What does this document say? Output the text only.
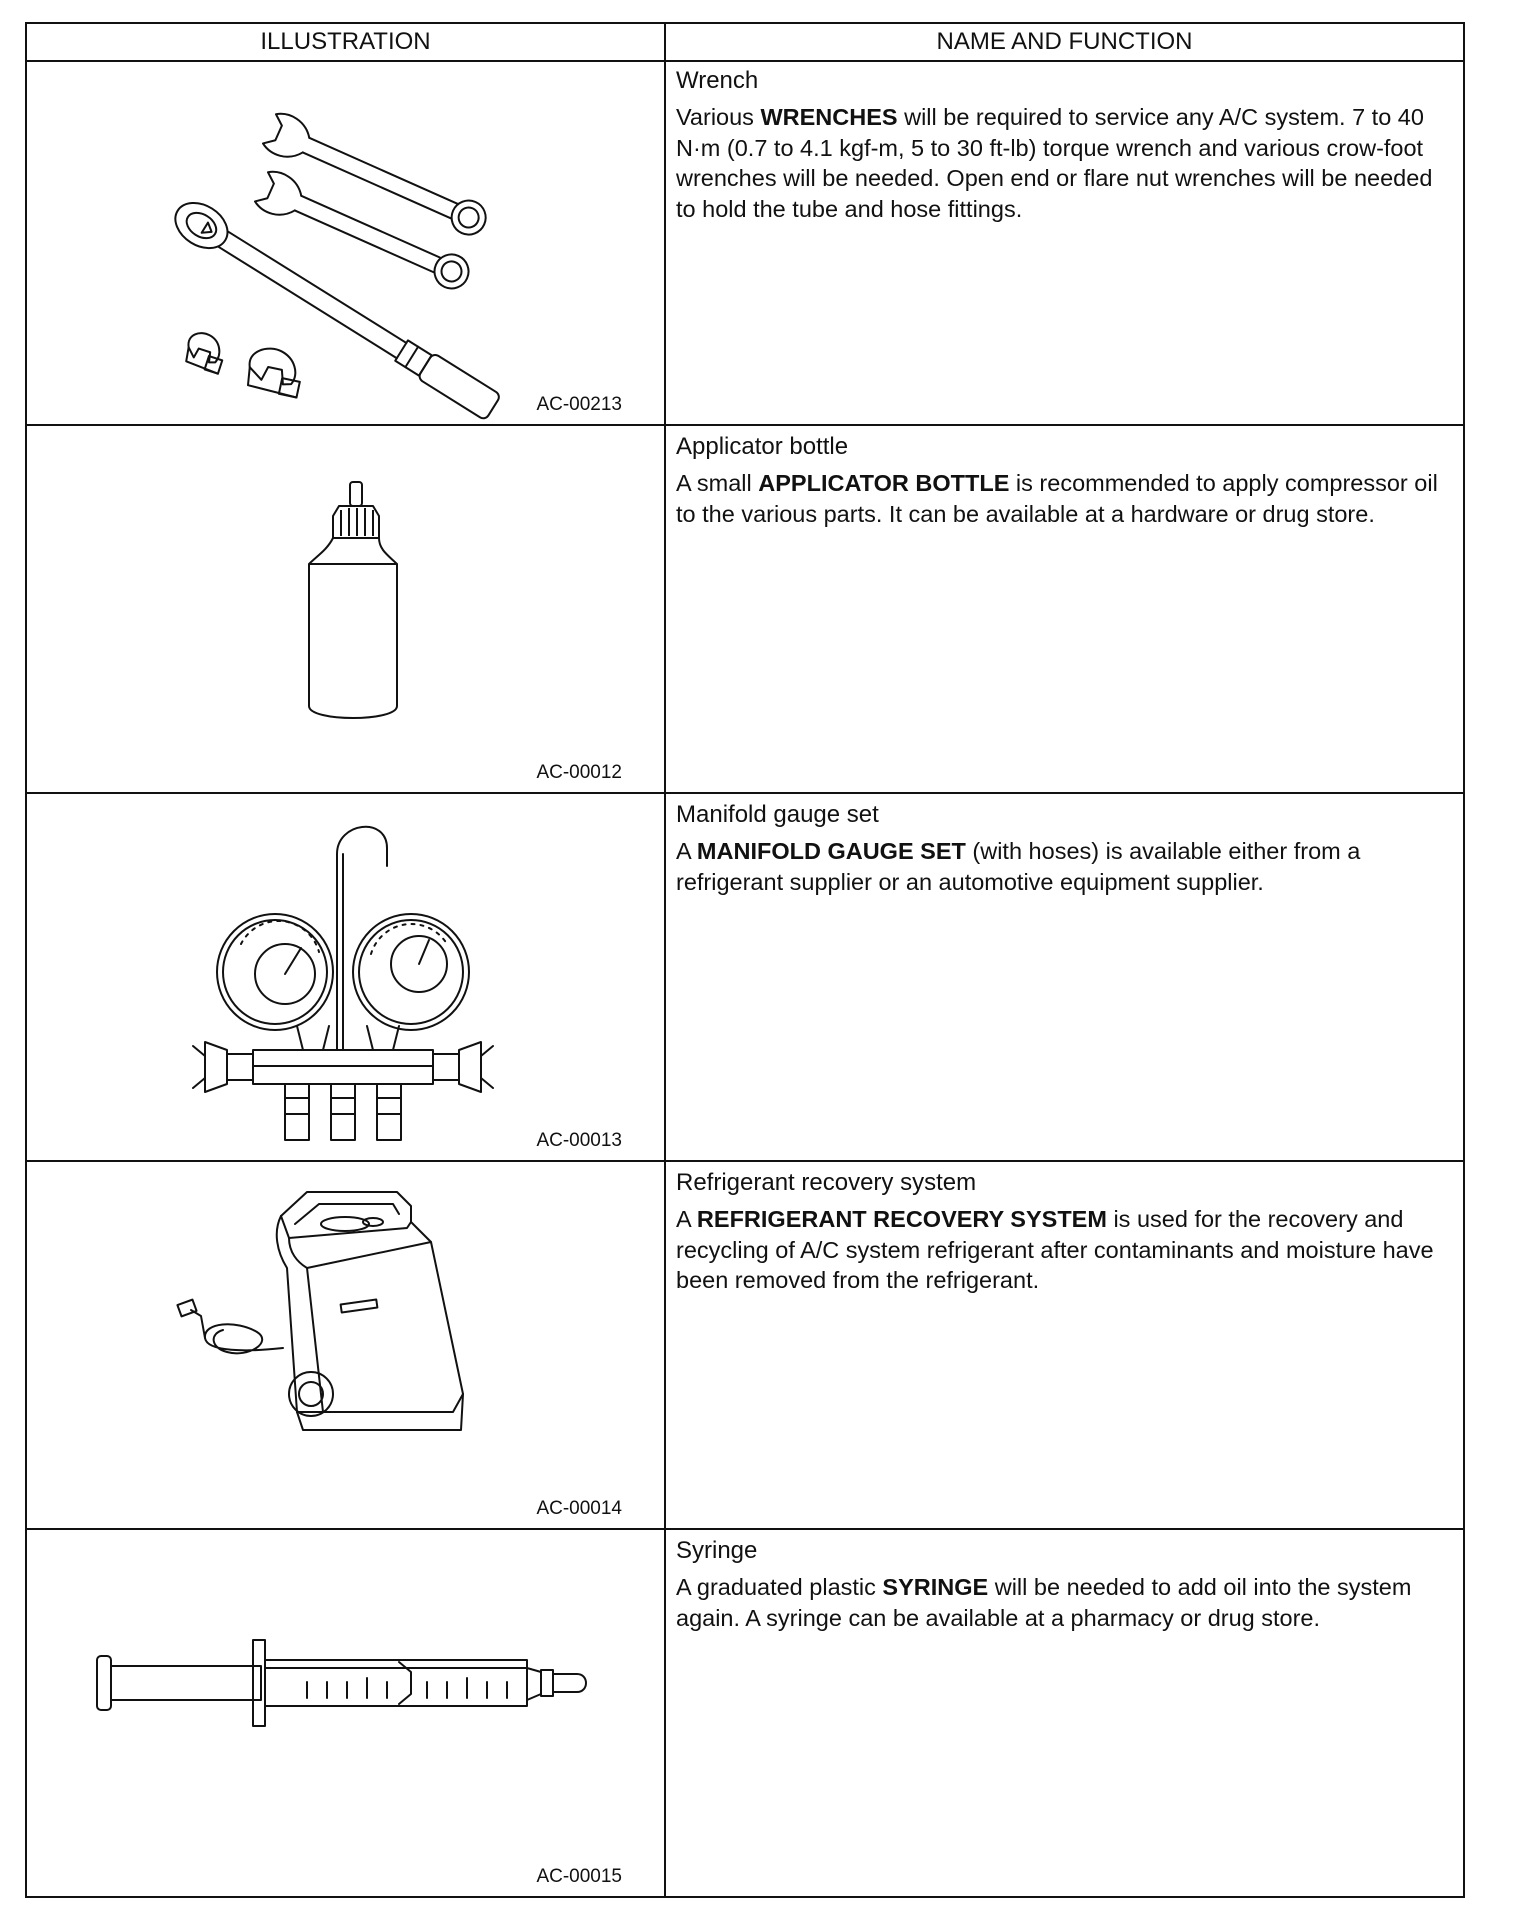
ILLUSTRATION	NAME AND FUNCTION
AC-00213
Wrench
Various WRENCHES will be required to service any A/C system. 7 to 40 N·m (0.7 to 4.1 kgf-m, 5 to 30 ft-lb) torque wrench and various crow-foot wrenches will be needed. Open end or flare nut wrenches will be needed to hold the tube and hose fittings.
AC-00012
Applicator bottle
A small APPLICATOR BOTTLE is recommended to apply compressor oil to the various parts. It can be available at a hardware or drug store.
AC-00013
Manifold gauge set
A MANIFOLD GAUGE SET (with hoses) is available either from a refrigerant supplier or an automotive equipment supplier.
AC-00014
Refrigerant recovery system
A REFRIGERANT RECOVERY SYSTEM is used for the recovery and recycling of A/C system refrigerant after contaminants and moisture have been removed from the refrigerant.
AC-00015
Syringe
A graduated plastic SYRINGE will be needed to add oil into the system again. A syringe can be available at a pharmacy or drug store.
